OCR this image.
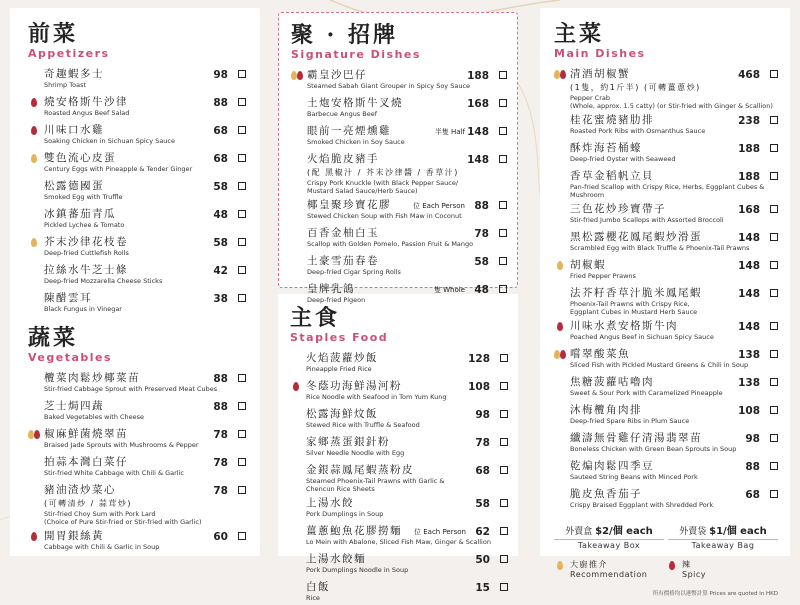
前菜
Appetizers
奇趣蝦多士
Shrimp Toast
98
燒安格斯牛沙律
Roasted Angus Beef Salad
88
川味口水雞
Soaking Chicken in Sichuan Spicy Sauce
68
雙色流心皮蛋
Century Eggs with Pineapple & Tender Ginger
68
松露德國蛋
Smoked Egg with Truffle
58
冰鎮蕃茄青瓜
Pickled Lychee & Tomato
48
芥末沙律花枝卷
Deep-fried Cuttlefish Rolls
58
拉絲水牛芝士條
Deep-fried Mozzarella Cheese Sticks
42
陳醋雲耳
Black Fungus in Vinegar
38
蔬菜
Vegetables
欖菜肉鬆炒椰菜苗
Stir-fried Cabbage Sprout with Preserved Meat Cubes
88
芝士焗四蔬
Baked Vegetables with Cheese
88
椒麻鮮菌燒翠苗
Braised Jade Sprouts with Mushrooms & Pepper
78
拍蒜本灣白菜仔
Stir-fried White Cabbage with Chili & Garlic
78
豬油渣炒菜心
(可轉清炒 / 蒜茸炒)
Stir-fried Choy Sum with Pork Lard
(Choice of Pure Stir-fried or Stir-fried with Garlic)
78
開胃銀絲黃
Cabbage with Chili & Garlic in Soup
60
聚 · 招牌
Signature Dishes
霸皇沙巴仔
Steamed Sabah Giant Grouper in Spicy Soy Sauce
188
土炮安格斯牛叉燒
Barbecue Angus Beef
168
眼前一亮煙燻雞
Smoked Chicken in Soy Sauce
半隻 Half 148
火焰脆皮豬手
(配 黑椒汁 / 芥末沙律醬 / 香草汁)
Crispy Pork Knuckle (with Black Pepper Sauce/
Mustard Salad Sauce/Herb Sauce)
148
椰皇聚珍寶花膠
Stewed Chicken Soup with Fish Maw in Coconut
位 Each Person 88
百香金柚白玉
Scallop with Golden Pomelo, Passion Fruit & Mango
78
土豪雪茄春卷
Deep-fried Cigar Spring Rolls
58
皇牌乳鴿
Deep-fried Pigeon
隻 Whole 48
主食
Staples Food
火焰菠蘿炒飯
Pineapple Fried Rice
128
冬蔭功海鮮湯河粉
Rice Noodle with Seafood in Tom Yum Kung
108
松露海鮮炆飯
Stewed Rice with Truffle & Seafood
98
家鄉蒸蛋銀針粉
Silver Needle Noodle with Egg
78
金銀蒜鳳尾蝦蒸粉皮
Steamed Phoenix-Tail Prawns with Garlic &
Chencun Rice Sheets
68
上湯水餃
Pork Dumplings in Soup
58
薑蔥鮑魚花膠撈麵
Lo Mein with Abalone, Sliced Fish Maw, Ginger & Scallion
位 Each Person 62
上湯水餃麵
Pork Dumplings Noodle in Soup
50
白飯
Rice
15
主菜
Main Dishes
清酒胡椒蟹
(1隻，約1斤半) (可轉薑蔥炒)
Pepper Crab
(Whole, approx. 1.5 catty) (or Stir-fried with Ginger & Scallion)
468
桂花蜜燒豬肋排
Roasted Pork Ribs with Osmanthus Sauce
238
酥炸海苔桶蠔
Deep-fried Oyster with Seaweed
188
香草金稻帆立貝
Pan-fried Scallop with Crispy Rice, Herbs, Eggplant Cubes & Mushroom
188
三色花炒珍寶帶子
Stir-fried Jumbo Scallops with Assorted Broccoli
168
黑松露櫻花鳳尾蝦炒滑蛋
Scrambled Egg with Black Truffle & Phoenix-Tail Prawns
148
胡椒蝦
Fried Pepper Prawns
148
法芥籽香草汁脆米鳳尾蝦
Phoenix-Tail Prawns with Crispy Rice,
Eggplant Cubes in Mustard Herb Sauce
148
川味水煮安格斯牛肉
Poached Angus Beef in Sichuan Spicy Sauce
148
嚐翠酸菜魚
Sliced Fish with Pickled Mustard Greens & Chili in Soup
138
焦糖菠蘿咕嚕肉
Sweet & Sour Pork with Caramelized Pineapple
138
沐梅欖角肉排
Deep-fried Spare Ribs in Plum Sauce
108
纖濤無骨雞仔清湯翡翠苗
Boneless Chicken with Green Bean Sprouts in Soup
98
乾煸肉鬆四季豆
Sauteed String Beans with Minced Pork
88
脆皮魚香茄子
Crispy Braised Eggplant with Shredded Pork
68
外賣盒 $2/個 each
Takeaway Box
外賣袋 $1/個 each
Takeaway Bag
大廚推介
Recommendation
辣
Spicy
所有價格均以港幣計算 Prices are quoted in HKD
